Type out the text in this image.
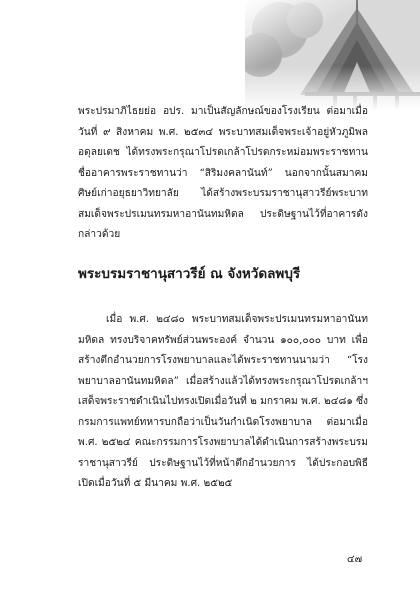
พระปรมาภิไธยย่อ อปร. มาเป็นสัญลักษณ์ของโรงเรียน ต่อมาเมื่อวันที่ ๙ สิงหาคม พ.ศ. ๒๕๓๔ พระบาทสมเด็จพระเจ้าอยู่หัวภูมิพลอดุลยเดช ได้ทรงพระกรุณาโปรดเกล้าโปรดกระหม่อมพระราชทานชื่ออาคารพระราชทานว่า “สิริมงคลานันท์” นอกจากนั้นสมาคมศิษย์เก่าอยุธยาวิทยาลัย ได้สร้างพระบรมราชานุสาวรีย์พระบาทสมเด็จพระปรเมนทรมหาอานันทมหิดล ประดิษฐานไว้ที่อาคารดังกล่าวด้วย

พระบรมราชานุสาวรีย์ ณ จังหวัดลพบุรี

เมื่อ พ.ศ. ๒๔๘๐ พระบาทสมเด็จพระปรเมนทรมหาอานันทมหิดล ทรงบริจาคทรัพย์ส่วนพระองค์ จำนวน ๑๐๐,๐๐๐ บาท เพื่อสร้างตึกอำนวยการโรงพยาบาลและได้พระราชทานนามว่า “โรงพยาบาลอานันทมหิดล” เมื่อสร้างแล้วได้ทรงพระกรุณาโปรดเกล้าฯ เสด็จพระราชดำเนินไปทรงเปิดเมื่อวันที่ ๒ มกราคม พ.ศ. ๒๔๘๑ ซึ่งกรมการแพทย์ทหารบกถือว่าเป็นวันกำเนิดโรงพยาบาล ต่อมาเมื่อ พ.ศ. ๒๕๒๔ คณะกรรมการโรงพยาบาลได้ดำเนินการสร้างพระบรมราชานุสาวรีย์ ประดิษฐานไว้ที่หน้าตึกอำนวยการ ได้ประกอบพิธีเปิดเมื่อวันที่ ๕ มีนาคม พ.ศ. ๒๕๒๕

๔๗
